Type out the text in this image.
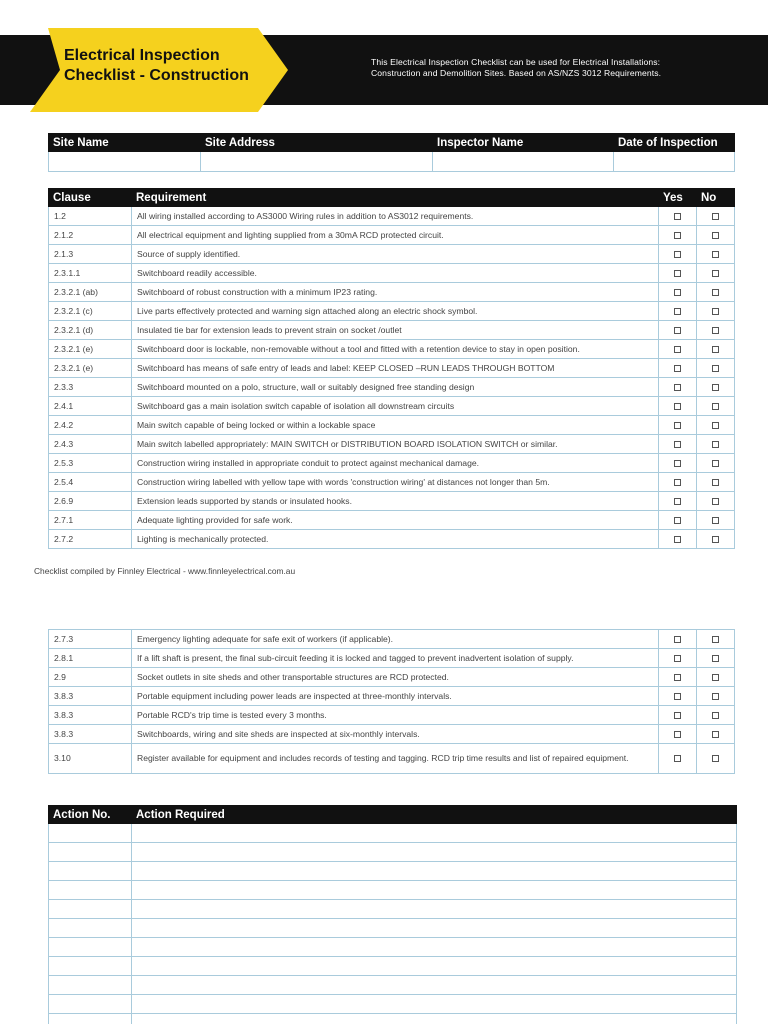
Electrical Inspection
Checklist - Construction
This Electrical Inspection Checklist can be used for Electrical Installations:
Construction and Demolition Sites. Based on AS/NZS 3012 Requirements.
Site Name	Site Address	Inspector Name	Date of Inspection

Clause	Requirement	Yes	No
1.2	All wiring installed according to AS3000 Wiring rules in addition to AS3012 requirements.		
2.1.2	All electrical equipment and lighting supplied from a 30mA RCD protected circuit.		
2.1.3	Source of supply identified.		
2.3.1.1	Switchboard readily accessible.		
2.3.2.1 (ab)	Switchboard of robust construction with a minimum IP23 rating.		
2.3.2.1 (c)	Live parts effectively protected and warning sign attached along an electric shock symbol.		
2.3.2.1 (d)	Insulated tie bar for extension leads to prevent strain on socket /outlet		
2.3.2.1 (e)	Switchboard door is lockable, non-removable without a tool and fitted with a retention device to stay in open position.		
2.3.2.1 (e)	Switchboard has means of safe entry of leads and label: KEEP CLOSED –RUN LEADS THROUGH BOTTOM		
2.3.3	Switchboard mounted on a polo, structure, wall or suitably designed free standing design		
2.4.1	Switchboard gas a main isolation switch capable of isolation all downstream circuits		
2.4.2	Main switch capable of being locked or within a lockable space		
2.4.3	Main switch labelled appropriately: MAIN SWITCH or DISTRIBUTION BOARD ISOLATION SWITCH or similar.		
2.5.3	Construction wiring installed in appropriate conduit to protect against mechanical damage.		
2.5.4	Construction wiring labelled with yellow tape with words 'construction wiring' at distances not longer than 5m.		
2.6.9	Extension leads supported by stands or insulated hooks.		
2.7.1	Adequate lighting provided for safe work.		
2.7.2	Lighting is mechanically protected.		
Checklist compiled by Finnley Electrical - www.finnleyelectrical.com.au
2.7.3	Emergency lighting adequate for safe exit of workers (if applicable).		
2.8.1	If a lift shaft is present, the final sub-circuit feeding it is locked and tagged to prevent inadvertent isolation of supply.		
2.9	Socket outlets in site sheds and other transportable structures are RCD protected.		
3.8.3	Portable equipment including power leads are inspected at three-monthly intervals.		
3.8.3	Portable RCD's trip time is tested every 3 months.		
3.8.3	Switchboards, wiring and site sheds are inspected at six-monthly intervals.		
3.10	Register available for equipment and includes records of testing and tagging. RCD trip time results and list of repaired equipment.		
Action No.	Action Required
